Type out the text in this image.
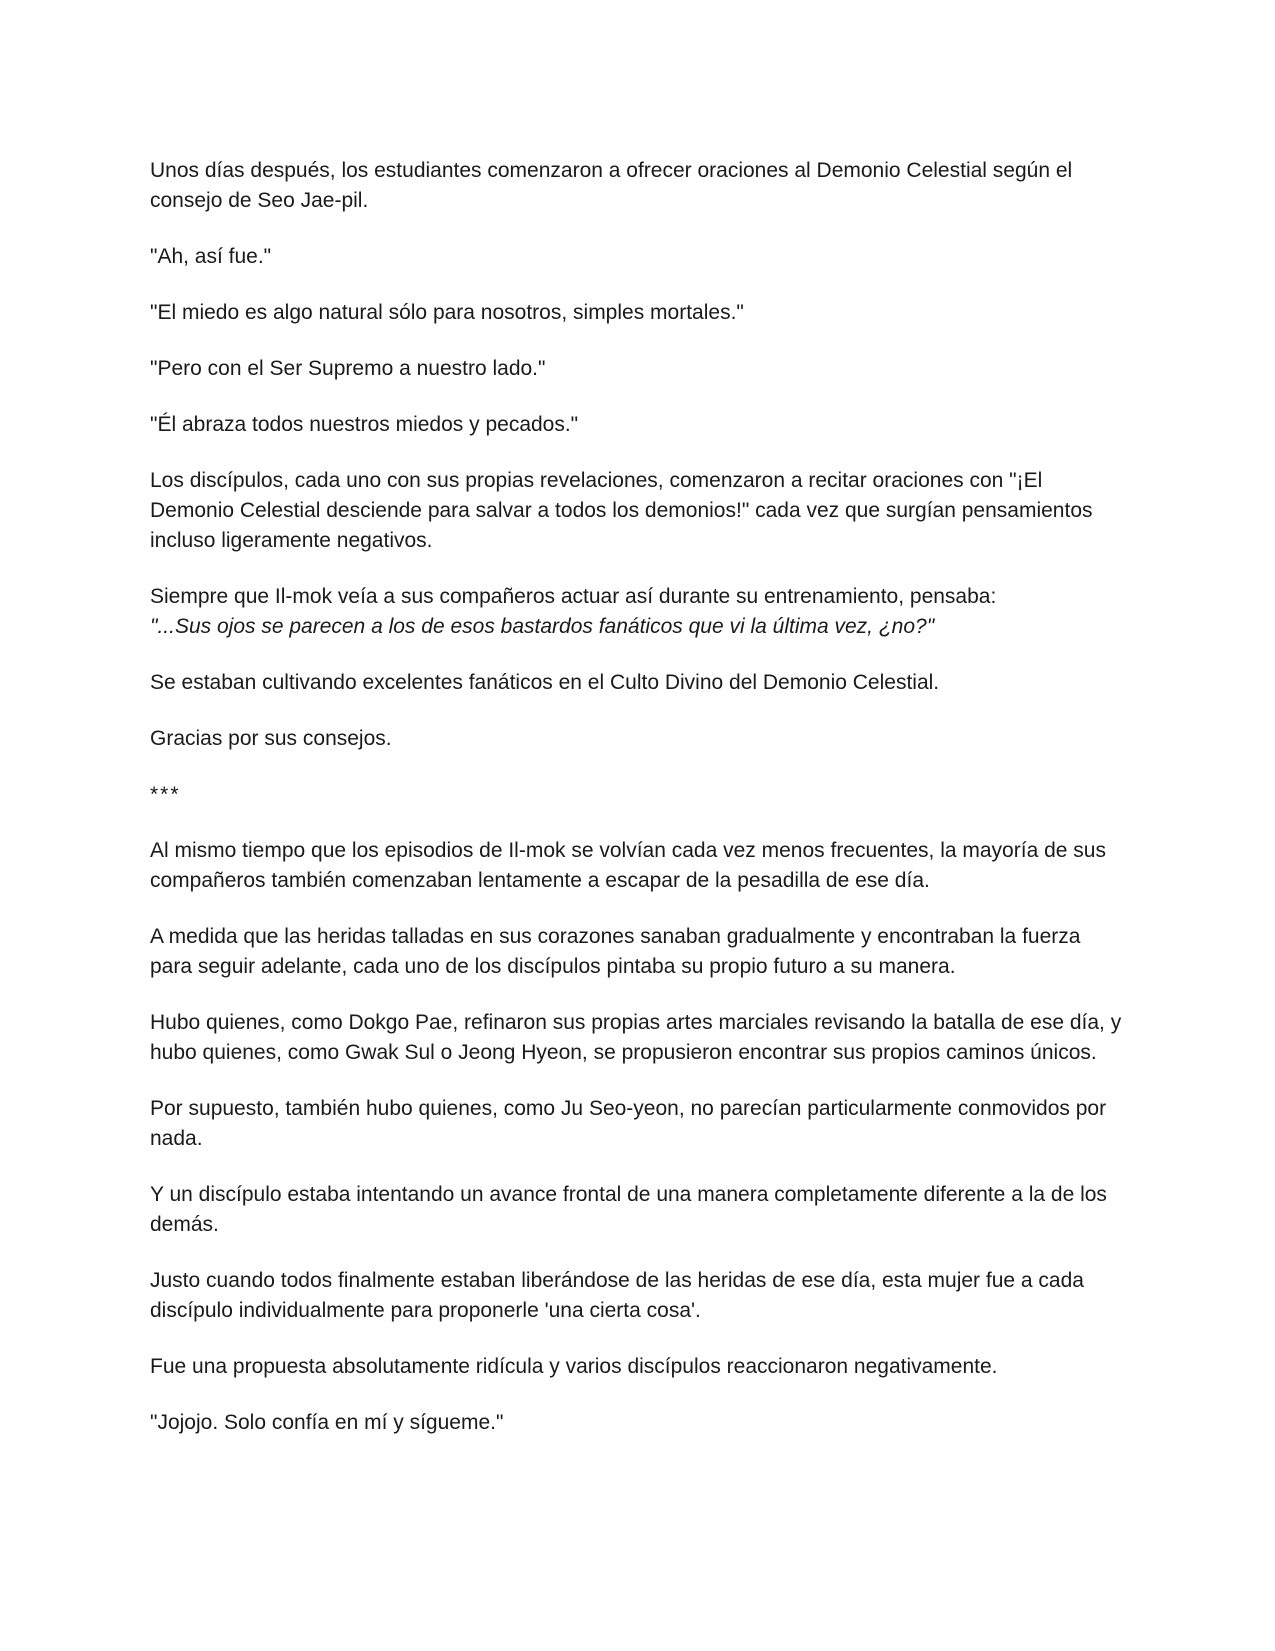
Unos días después, los estudiantes comenzaron a ofrecer oraciones al Demonio Celestial según el consejo de Seo Jae-pil.

"Ah, así fue."

"El miedo es algo natural sólo para nosotros, simples mortales."

"Pero con el Ser Supremo a nuestro lado."

"Él abraza todos nuestros miedos y pecados."

Los discípulos, cada uno con sus propias revelaciones, comenzaron a recitar oraciones con "¡El Demonio Celestial desciende para salvar a todos los demonios!" cada vez que surgían pensamientos incluso ligeramente negativos.

Siempre que Il-mok veía a sus compañeros actuar así durante su entrenamiento, pensaba:
"...Sus ojos se parecen a los de esos bastardos fanáticos que vi la última vez, ¿no?"

Se estaban cultivando excelentes fanáticos en el Culto Divino del Demonio Celestial.

Gracias por sus consejos.

***

Al mismo tiempo que los episodios de Il-mok se volvían cada vez menos frecuentes, la mayoría de sus compañeros también comenzaban lentamente a escapar de la pesadilla de ese día.

A medida que las heridas talladas en sus corazones sanaban gradualmente y encontraban la fuerza para seguir adelante, cada uno de los discípulos pintaba su propio futuro a su manera.

Hubo quienes, como Dokgo Pae, refinaron sus propias artes marciales revisando la batalla de ese día, y hubo quienes, como Gwak Sul o Jeong Hyeon, se propusieron encontrar sus propios caminos únicos.

Por supuesto, también hubo quienes, como Ju Seo-yeon, no parecían particularmente conmovidos por nada.

Y un discípulo estaba intentando un avance frontal de una manera completamente diferente a la de los demás.

Justo cuando todos finalmente estaban liberándose de las heridas de ese día, esta mujer fue a cada discípulo individualmente para proponerle 'una cierta cosa'.

Fue una propuesta absolutamente ridícula y varios discípulos reaccionaron negativamente.

"Jojojo. Solo confía en mí y sígueme."
